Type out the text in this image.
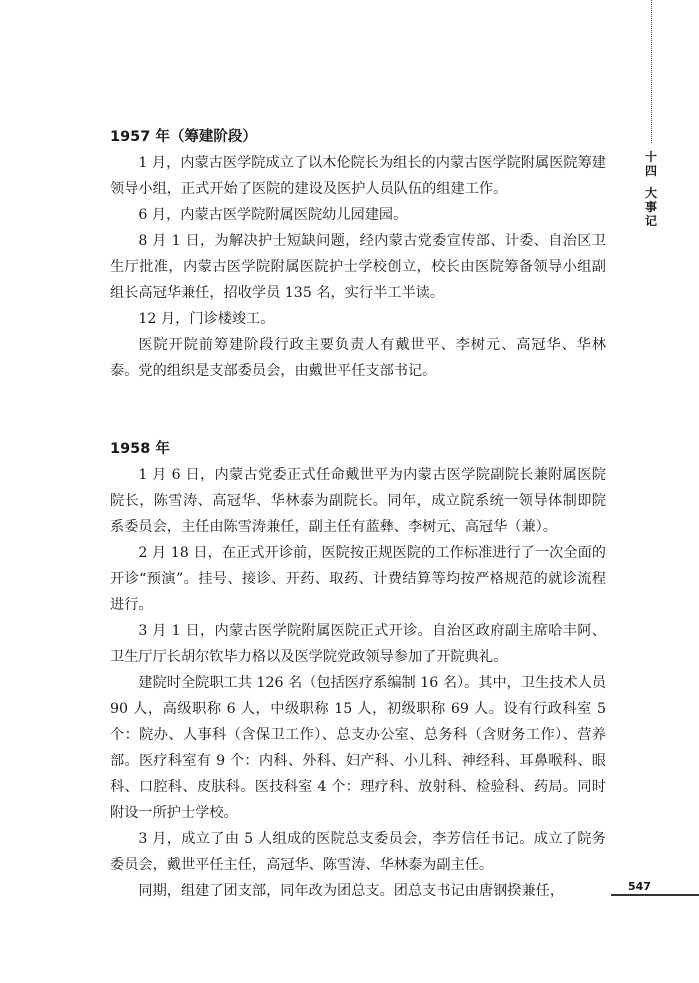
十四
大事记

1957 年（筹建阶段）

1 月，内蒙古医学院成立了以木伦院长为组长的内蒙古医学院附属医院筹建领导小组，正式开始了医院的建设及医护人员队伍的组建工作。

6 月，内蒙古医学院附属医院幼儿园建园。

8 月 1 日，为解决护士短缺问题，经内蒙古党委宣传部、计委、自治区卫生厅批准，内蒙古医学院附属医院护士学校创立，校长由医院筹备领导小组副组长高冠华兼任，招收学员 135 名，实行半工半读。

12 月，门诊楼竣工。

医院开院前筹建阶段行政主要负责人有戴世平、李树元、高冠华、华林泰。党的组织是支部委员会，由戴世平任支部书记。

1958 年

1 月 6 日，内蒙古党委正式任命戴世平为内蒙古医学院副院长兼附属医院院长，陈雪涛、高冠华、华林泰为副院长。同年，成立院系统一领导体制即院系委员会，主任由陈雪涛兼任，副主任有蓝彝、李树元、高冠华（兼）。

2 月 18 日，在正式开诊前，医院按正规医院的工作标准进行了一次全面的开诊“预演”。挂号、接诊、开药、取药、计费结算等均按严格规范的就诊流程进行。

3 月 1 日，内蒙古医学院附属医院正式开诊。自治区政府副主席哈丰阿、卫生厅厅长胡尔钦毕力格以及医学院党政领导参加了开院典礼。

建院时全院职工共 126 名（包括医疗系编制 16 名）。其中，卫生技术人员 90 人，高级职称 6 人，中级职称 15 人，初级职称 69 人。设有行政科室 5 个：院办、人事科（含保卫工作）、总支办公室、总务科（含财务工作）、营养部。医疗科室有 9 个：内科、外科、妇产科、小儿科、神经科、耳鼻喉科、眼科、口腔科、皮肤科。医技科室 4 个：理疗科、放射科、检验科、药局。同时附设一所护士学校。

3 月，成立了由 5 人组成的医院总支委员会，李芳信任书记。成立了院务委员会，戴世平任主任，高冠华、陈雪涛、华林泰为副主任。

同期，组建了团支部，同年改为团总支。团总支书记由唐钢揆兼任，	547
